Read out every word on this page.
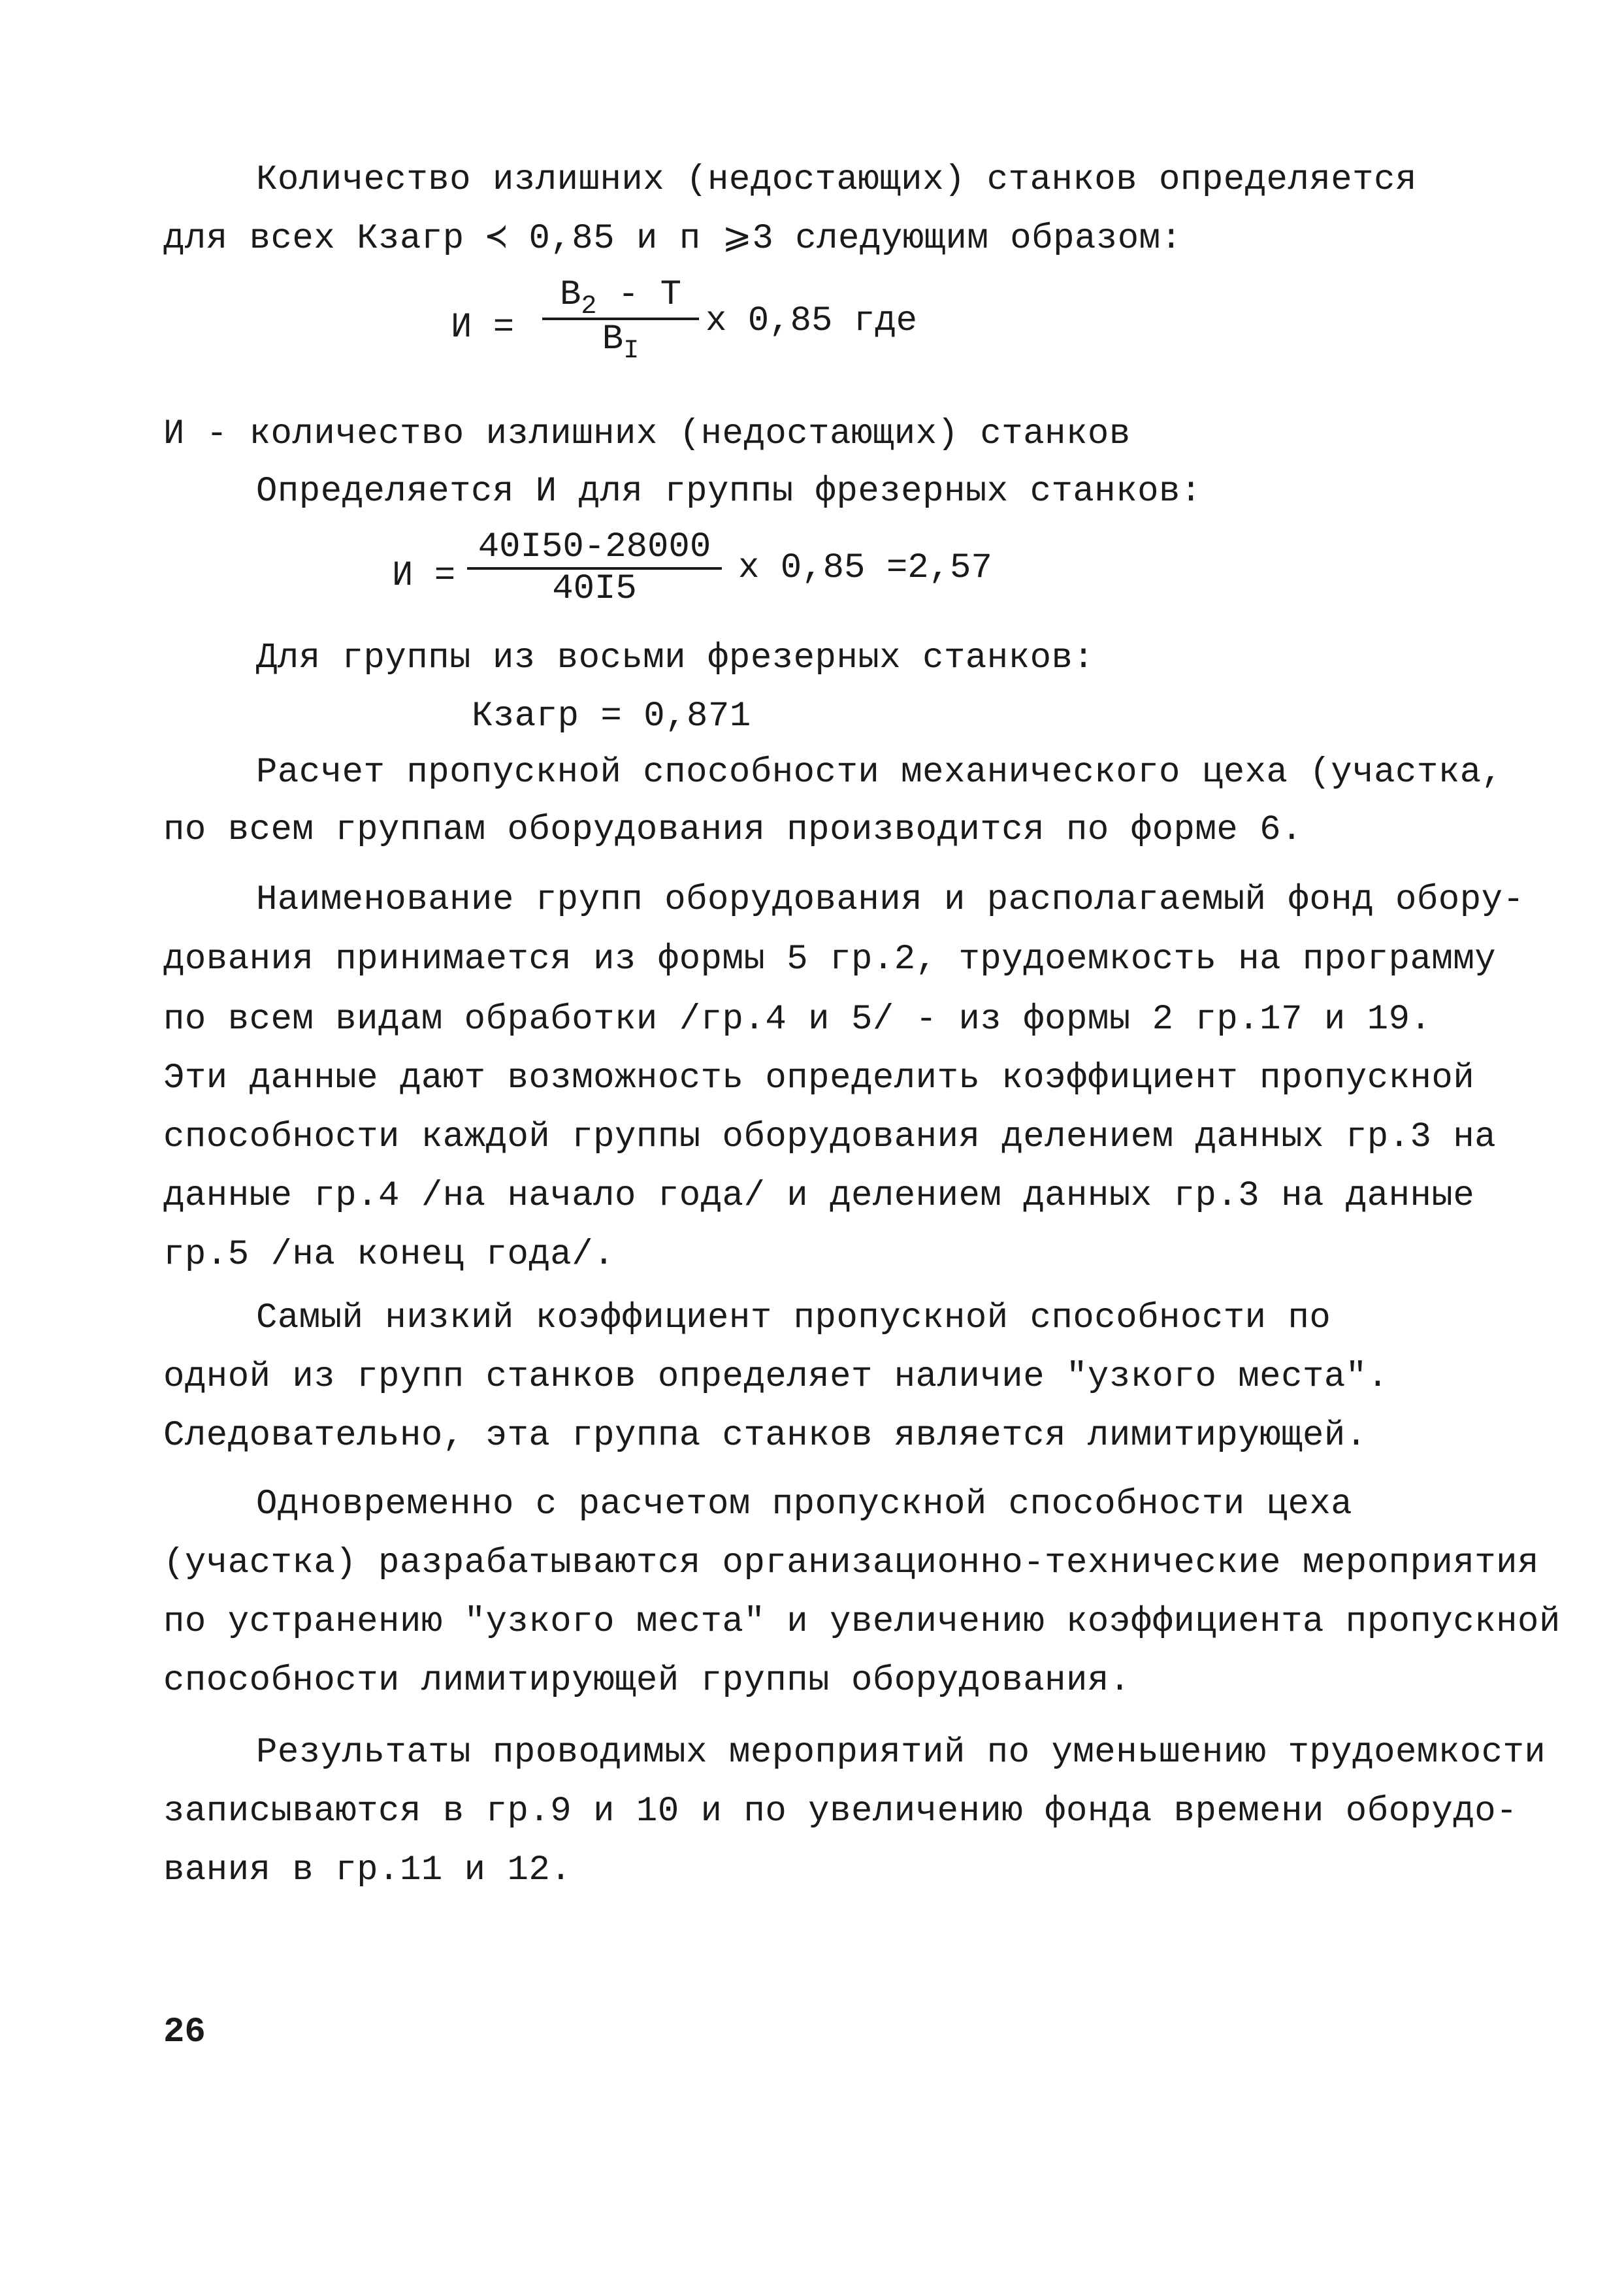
Количество излишних (недостающих) станков определяется
для всех Кзагр ≺ 0,85 и п ⩾3 следующим образом:
И =
$В_2$ - Т
$В_I$
х 0,85 где
И - количество излишних (недостающих) станков
Определяется И для группы фрезерных станков:
И =
40I50-28000
40I5
х 0,85 =2,57
Для группы из восьми фрезерных станков:
Кзагр = 0,871
Расчет пропускной способности механического цеха (участка,
по всем группам оборудования производится по форме 6.
Наименование групп оборудования и располагаемый фонд обору-
дования принимается из формы 5 гр.2, трудоемкость на программу
по всем видам обработки /гр.4 и 5/ - из формы 2 гр.17 и 19.
Эти данные дают возможность определить коэффициент пропускной
способности каждой группы оборудования делением данных гр.3 на
данные гр.4 /на начало года/ и делением данных гр.3 на данные
гр.5 /на конец года/.
Самый низкий коэффициент пропускной способности по
одной из групп станков определяет наличие "узкого места".
Следовательно, эта группа станков является лимитирующей.
Одновременно с расчетом пропускной способности цеха
(участка) разрабатываются организационно-технические мероприятия
по устранению "узкого места" и увеличению коэффициента пропускной
способности лимитирующей группы оборудования.
Результаты проводимых мероприятий по уменьшению трудоемкости
записываются в гр.9 и 10 и по увеличению фонда времени оборудо-
вания в гр.11 и 12.
26
